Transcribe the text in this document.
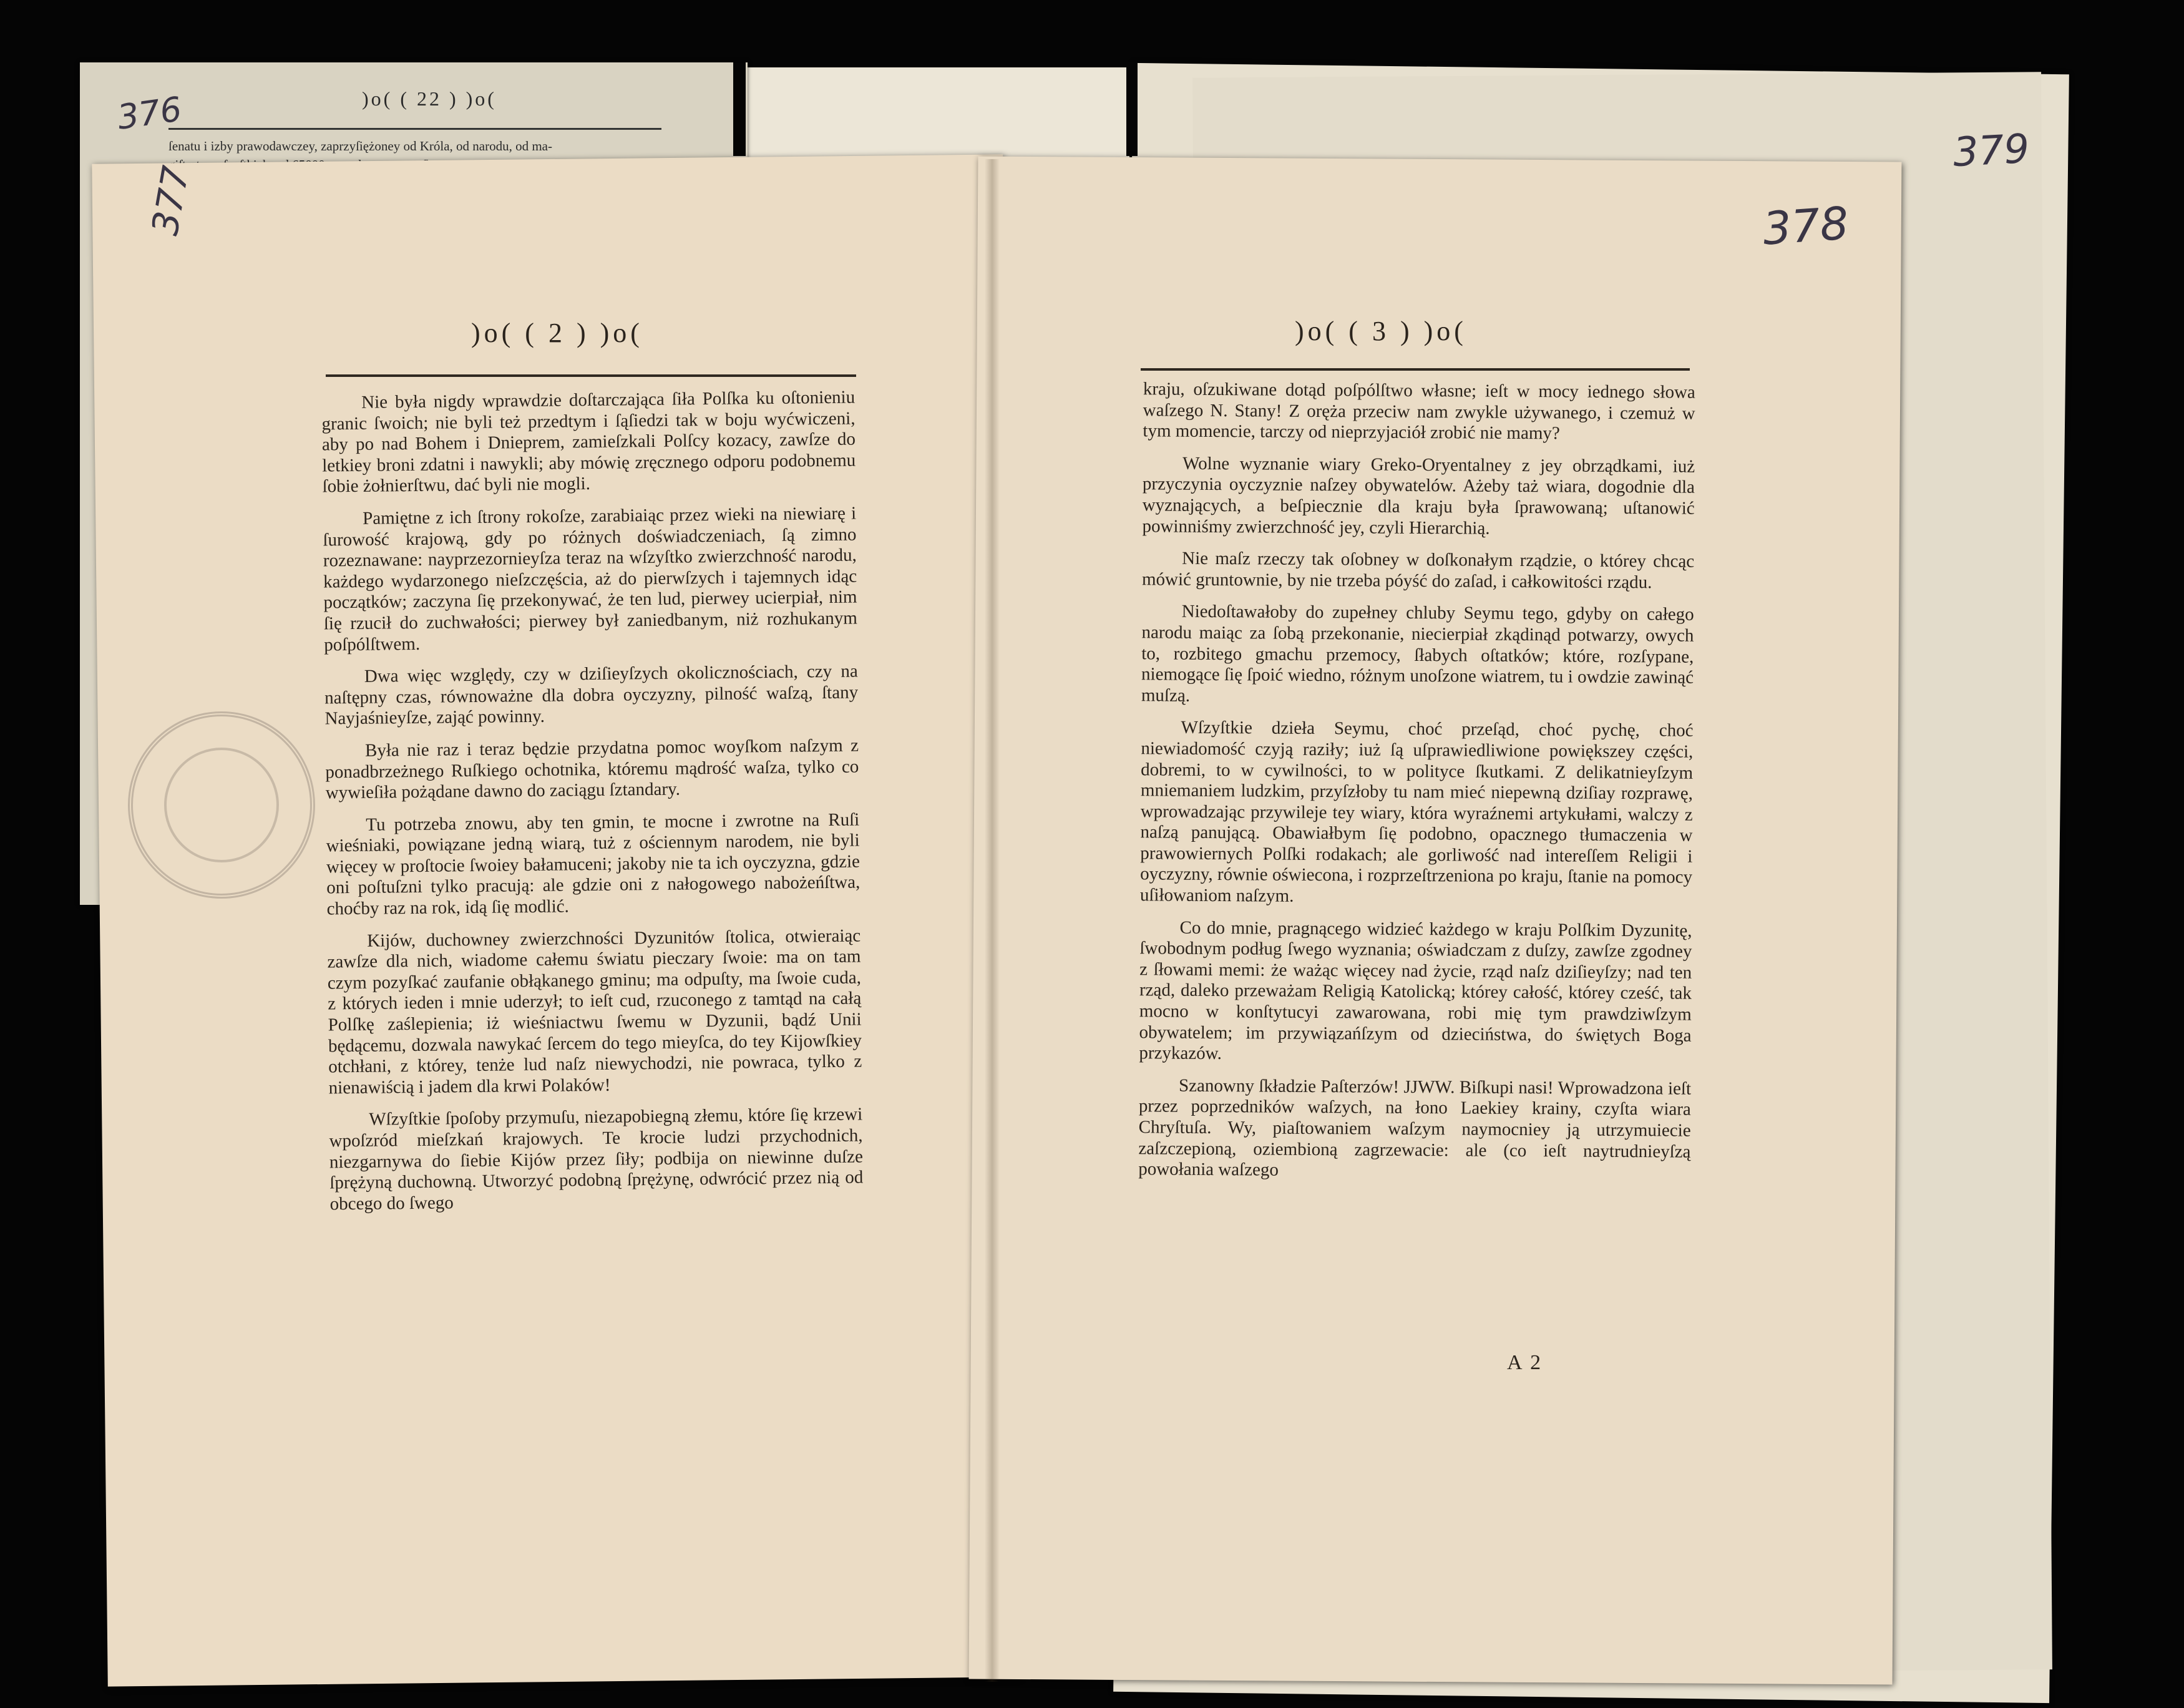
)o( ( 22 ) )o(
ſenatu i izby prawodawczey, zaprzyſiężoney od Króla, od narodu, od ma-
376
379
377	378
)o( ( 2 ) )o(

Nie była nigdy wprawdzie doſtarczająca ſiła Polſka ku oſtonieniu granic ſwoich; nie byli też przedtym i ſąſiedzi tak w boju wyćwiczeni, aby po nad Bohem i Dnieprem, zamieſzkali Polſcy kozacy, zawſze do letkiey broni zdatni i nawykli; aby mówię zręcznego odporu podobnemu ſobie żołnierſtwu, dać byli nie mogli.

Pamiętne z ich ſtrony rokoſze, zarabiaiąc przez wieki na niewiarę i ſurowość krajową, gdy po różnych doświadczeniach, ſą zimno rozeznawane: nayprzezornieyſza teraz na wſzyſtko zwierzchność narodu, każdego wydarzonego nieſzczęścia, aż do pierwſzych i tajemnych idąc początków; zaczyna ſię przekonywać, że ten lud, pierwey ucierpiał, nim ſię rzucił do zuchwałości; pierwey był zaniedbanym, niż rozhukanym poſpólſtwem.

Dwa więc względy, czy w dziſieyſzych okolicznościach, czy na naſtępny czas, równoważne dla dobra oyczyzny, pilność waſzą, ſtany Nayjaśnieyſze, zająć powinny.

Była nie raz i teraz będzie przydatna pomoc woyſkom naſzym z ponadbrzeżnego Ruſkiego ochotnika, któremu mądrość waſza, tylko co wywieſiła pożądane dawno do zaciągu ſztandary.

Tu potrzeba znowu, aby ten gmin, te mocne i zwrotne na Ruſi wieśniaki, powiązane jedną wiarą, tuż z ościennym narodem, nie byli więcey w proſtocie ſwoiey bałamuceni; jakoby nie ta ich oyczyzna, gdzie oni poſtuſzni tylko pracują: ale gdzie oni z nałogowego nabożeńſtwa, choćby raz na rok, idą ſię modlić.

Kijów, duchowney zwierzchności Dyzunitów ſtolica, otwieraiąc zawſze dla nich, wiadome całemu światu pieczary ſwoie: ma on tam czym pozyſkać zaufanie obłąkanego gminu; ma odpuſty, ma ſwoie cuda, z których ieden i mnie uderzył; to ieſt cud, rzuconego z tamtąd na całą Polſkę zaślepienia; iż wieśniactwu ſwemu w Dyzunii, bądź Unii będącemu, dozwala nawykać ſercem do tego mieyſca, do tey Kijowſkiey otchłani, z którey, tenże lud naſz niewychodzi, nie powraca, tylko z nienawiścią i jadem dla krwi Polaków!

Wſzyſtkie ſpoſoby przymuſu, niezapobiegną złemu, które ſię krzewi wpoſzród mieſzkań krajowych. Te krocie ludzi przychodnich, niezgarnywa do ſiebie Kijów przez ſiły; podbija on niewinne duſze ſprężyną duchowną. Utworzyć podobną ſprężynę, odwrócić przez nią od obcego do ſwego

)o( ( 3 ) )o(

kraju, oſzukiwane dotąd poſpólſtwo własne; ieſt w mocy iednego słowa waſzego N. Stany! Z oręża przeciw nam zwykle używanego, i czemuż w tym momencie, tarczy od nieprzyjaciół zrobić nie mamy?

Wolne wyznanie wiary Greko-Oryentalney z jey obrządkami, iuż przyczynia oyczyznie naſzey obywatelów. Ażeby taż wiara, dogodnie dla wyznających, a beſpiecznie dla kraju była ſprawowaną; uſtanowić powinniśmy zwierzchność jey, czyli Hierarchią.

Nie maſz rzeczy tak oſobney w doſkonałym rządzie, o którey chcąc mówić gruntownie, by nie trzeba póyść do zaſad, i całkowitości rządu.

Niedoſtawałoby do zupełney chluby Seymu tego, gdyby on całego narodu maiąc za ſobą przekonanie, niecierpiał zkądinąd potwarzy, owych to, rozbitego gmachu przemocy, ſłabych oſtatków; które, rozſypane, niemogące ſię ſpoić wiedno, różnym unoſzone wiatrem, tu i owdzie zawinąć muſzą.

Wſzyſtkie dzieła Seymu, choć przeſąd, choć pychę, choć niewiadomość czyją raziły; iuż ſą uſprawiedliwione powiększey części, dobremi, to w cywilności, to w polityce ſkutkami. Z delikatnieyſzym mniemaniem ludzkim, przyſzłoby tu nam mieć niepewną dziſiay rozprawę, wprowadzając przywileje tey wiary, która wyraźnemi artykułami, walczy z naſzą panującą. Obawiałbym ſię podobno, opacznego tłumaczenia w prawowiernych Polſki rodakach; ale gorliwość nad intereſſem Religii i oyczyzny, równie oświecona, i rozprzeſtrzeniona po kraju, ſtanie na pomocy uſiłowaniom naſzym.

Co do mnie, pragnącego widzieć każdego w kraju Polſkim Dyzunitę, ſwobodnym podług ſwego wyznania; oświadczam z duſzy, zawſze zgodney z ſłowami memi: że ważąc więcey nad życie, rząd naſz dziſieyſzy; nad ten rząd, daleko przeważam Religią Katolicką; którey całość, którey cześć, tak mocno w konſtytucyi zawarowana, robi mię tym prawdziwſzym obywatelem; im przywiązańſzym od dzieciństwa, do świętych Boga przykazów.

Szanowny ſkładzie Paſterzów! JJWW. Biſkupi nasi! Wprowadzona ieſt przez poprzedników waſzych, na łono Laekiey krainy, czyſta wiara Chryſtuſa. Wy, piaſtowaniem waſzym naymocniey ją utrzymuiecie zaſzczepioną, oziembioną zagrzewacie: ale (co ieſt naytrudnieyſzą powołania waſzego

A 2
